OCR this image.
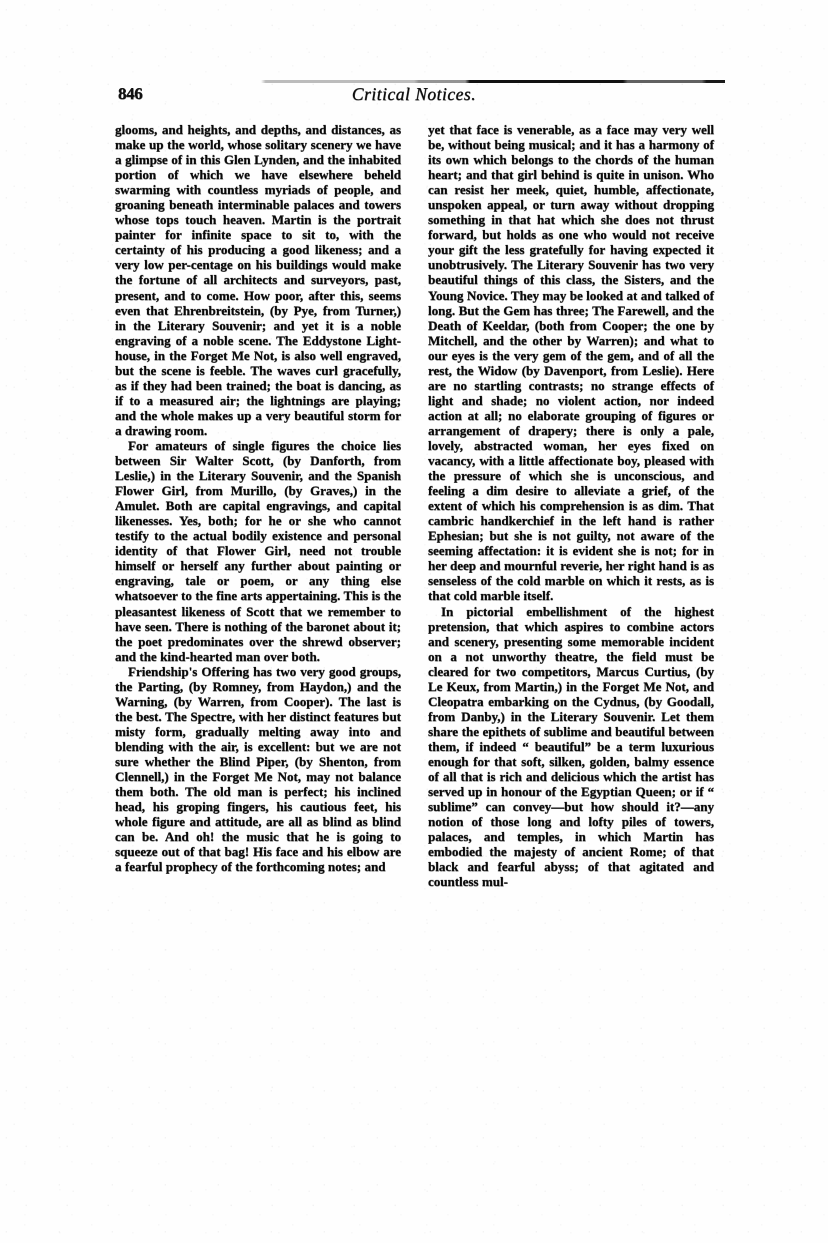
846	Critical Notices.

glooms, and heights, and depths, and distances, as make up the world, whose solitary scenery we have a glimpse of in this Glen Lynden, and the inhabited portion of which we have elsewhere beheld swarming with countless myriads of people, and groaning beneath interminable palaces and towers whose tops touch heaven. Martin is the portrait painter for infinite space to sit to, with the certainty of his producing a good likeness; and a very low per-centage on his buildings would make the fortune of all architects and surveyors, past, present, and to come. How poor, after this, seems even that Ehrenbreitstein, (by Pye, from Turner,) in the Literary Souvenir; and yet it is a noble engraving of a noble scene. The Eddystone Light-house, in the Forget Me Not, is also well engraved, but the scene is feeble. The waves curl gracefully, as if they had been trained; the boat is dancing, as if to a measured air; the lightnings are playing; and the whole makes up a very beautiful storm for a drawing room.

For amateurs of single figures the choice lies between Sir Walter Scott, (by Danforth, from Leslie,) in the Literary Souvenir, and the Spanish Flower Girl, from Murillo, (by Graves,) in the Amulet. Both are capital engravings, and capital likenesses. Yes, both; for he or she who cannot testify to the actual bodily existence and personal identity of that Flower Girl, need not trouble himself or herself any further about painting or engraving, tale or poem, or any thing else whatsoever to the fine arts appertaining. This is the pleasantest likeness of Scott that we remember to have seen. There is nothing of the baronet about it; the poet predominates over the shrewd observer; and the kind-hearted man over both.

Friendship's Offering has two very good groups, the Parting, (by Romney, from Haydon,) and the Warning, (by Warren, from Cooper). The last is the best. The Spectre, with her distinct features but misty form, gradually melting away into and blending with the air, is excellent: but we are not sure whether the Blind Piper, (by Shenton, from Clennell,) in the Forget Me Not, may not balance them both. The old man is perfect; his inclined head, his groping fingers, his cautious feet, his whole figure and attitude, are all as blind as blind can be. And oh! the music that he is going to squeeze out of that bag! His face and his elbow are a fearful prophecy of the forthcoming notes; and

yet that face is venerable, as a face may very well be, without being musical; and it has a harmony of its own which belongs to the chords of the human heart; and that girl behind is quite in unison. Who can resist her meek, quiet, humble, affectionate, unspoken appeal, or turn away without dropping something in that hat which she does not thrust forward, but holds as one who would not receive your gift the less gratefully for having expected it unobtrusively. The Literary Souvenir has two very beautiful things of this class, the Sisters, and the Young Novice. They may be looked at and talked of long. But the Gem has three; The Farewell, and the Death of Keeldar, (both from Cooper; the one by Mitchell, and the other by Warren); and what to our eyes is the very gem of the gem, and of all the rest, the Widow (by Davenport, from Leslie). Here are no startling contrasts; no strange effects of light and shade; no violent action, nor indeed action at all; no elaborate grouping of figures or arrangement of drapery; there is only a pale, lovely, abstracted woman, her eyes fixed on vacancy, with a little affectionate boy, pleased with the pressure of which she is unconscious, and feeling a dim desire to alleviate a grief, of the extent of which his comprehension is as dim. That cambric handkerchief in the left hand is rather Ephesian; but she is not guilty, not aware of the seeming affectation: it is evident she is not; for in her deep and mournful reverie, her right hand is as senseless of the cold marble on which it rests, as is that cold marble itself.

In pictorial embellishment of the highest pretension, that which aspires to combine actors and scenery, presenting some memorable incident on a not unworthy theatre, the field must be cleared for two competitors, Marcus Curtius, (by Le Keux, from Martin,) in the Forget Me Not, and Cleopatra embarking on the Cydnus, (by Goodall, from Danby,) in the Literary Souvenir. Let them share the epithets of sublime and beautiful between them, if indeed “ beautiful” be a term luxurious enough for that soft, silken, golden, balmy essence of all that is rich and delicious which the artist has served up in honour of the Egyptian Queen; or if “ sublime” can convey—but how should it?—any notion of those long and lofty piles of towers, palaces, and temples, in which Martin has embodied the majesty of ancient Rome; of that black and fearful abyss; of that agitated and countless mul-
